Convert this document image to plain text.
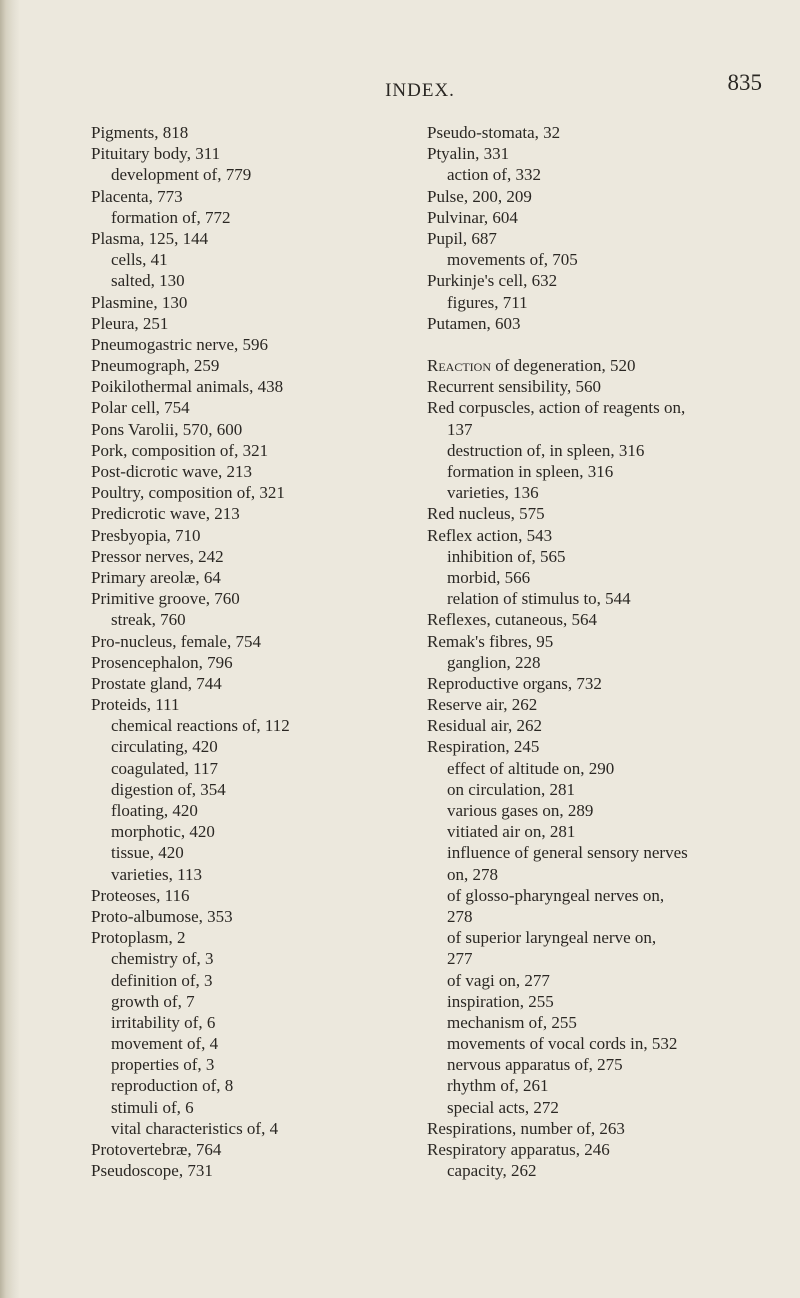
INDEX.	835
Pigments, 818
Pituitary body, 311
development of, 779
Placenta, 773
formation of, 772
Plasma, 125, 144
cells, 41
salted, 130
Plasmine, 130
Pleura, 251
Pneumogastric nerve, 596
Pneumograph, 259
Poikilothermal animals, 438
Polar cell, 754
Pons Varolii, 570, 600
Pork, composition of, 321
Post-dicrotic wave, 213
Poultry, composition of, 321
Predicrotic wave, 213
Presbyopia, 710
Pressor nerves, 242
Primary areolæ, 64
Primitive groove, 760
streak, 760
Pro-nucleus, female, 754
Prosencephalon, 796
Prostate gland, 744
Proteids, 111
chemical reactions of, 112
circulating, 420
coagulated, 117
digestion of, 354
floating, 420
morphotic, 420
tissue, 420
varieties, 113
Proteoses, 116
Proto-albumose, 353
Protoplasm, 2
chemistry of, 3
definition of, 3
growth of, 7
irritability of, 6
movement of, 4
properties of, 3
reproduction of, 8
stimuli of, 6
vital characteristics of, 4
Protovertebræ, 764
Pseudoscope, 731
Pseudo-stomata, 32
Ptyalin, 331
action of, 332
Pulse, 200, 209
Pulvinar, 604
Pupil, 687
movements of, 705
Purkinje's cell, 632
figures, 711
Putamen, 603
Reaction of degeneration, 520
Recurrent sensibility, 560
Red corpuscles, action of reagents on,
137
destruction of, in spleen, 316
formation in spleen, 316
varieties, 136
Red nucleus, 575
Reflex action, 543
inhibition of, 565
morbid, 566
relation of stimulus to, 544
Reflexes, cutaneous, 564
Remak's fibres, 95
ganglion, 228
Reproductive organs, 732
Reserve air, 262
Residual air, 262
Respiration, 245
effect of altitude on, 290
on circulation, 281
various gases on, 289
vitiated air on, 281
influence of general sensory nerves
on, 278
of glosso-pharyngeal nerves on,
278
of superior laryngeal nerve on,
277
of vagi on, 277
inspiration, 255
mechanism of, 255
movements of vocal cords in, 532
nervous apparatus of, 275
rhythm of, 261
special acts, 272
Respirations, number of, 263
Respiratory apparatus, 246
capacity, 262
